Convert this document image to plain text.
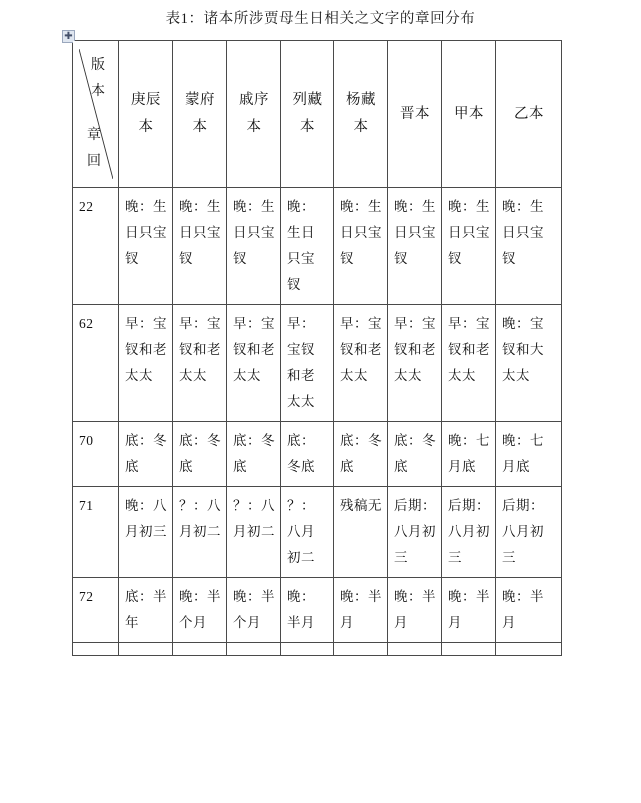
表1：诸本所涉贾母生日相关之文字的章回分布
✚
版本
章回	庚辰本	蒙府本	戚序本	列藏本	杨藏本	晋本	甲本	乙本

22	晚：生日只宝钗	晚：生日只宝钗	晚：生日只宝钗	晚：生日只宝钗	晚：生日只宝钗	晚：生日只宝钗	晚：生日只宝钗	晚：生日只宝钗
62	早：宝钗和老太太	早：宝钗和老太太	早：宝钗和老太太	早：宝钗和老太太	早：宝钗和老太太	早：宝钗和老太太	早：宝钗和老太太	晚：宝钗和大太太
70	底：冬底	底：冬底	底：冬底	底：冬底	底：冬底	底：冬底	晚：七月底	晚：七月底
71	晚：八月初三	？：八月初二	？：八月初二	？：八月初二	残稿无	后期：八月初三	后期：八月初三	后期：八月初三
72	底：半年	晚：半个月	晚：半个月	晚：半月	晚：半月	晚：半月	晚：半月	晚：半月
